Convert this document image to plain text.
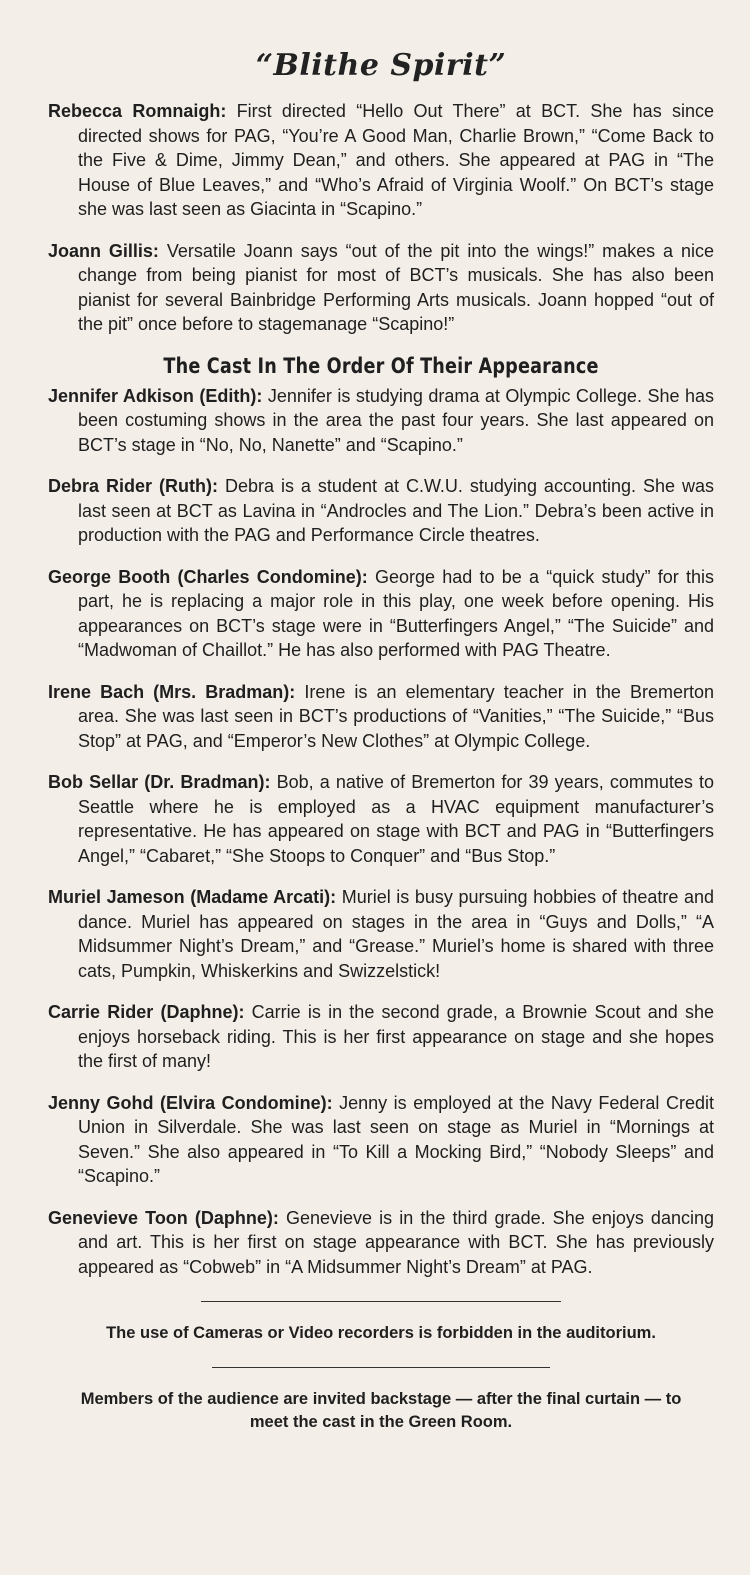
“Blithe Spirit”

Rebecca Romnaigh: First directed “Hello Out There” at BCT. She has since directed shows for PAG, “You’re A Good Man, Charlie Brown,” “Come Back to the Five & Dime, Jimmy Dean,” and others. She appeared at PAG in “The House of Blue Leaves,” and “Who’s Afraid of Virginia Woolf.” On BCT’s stage she was last seen as Giacinta in “Scapino.”

Joann Gillis: Versatile Joann says “out of the pit into the wings!” makes a nice change from being pianist for most of BCT’s musicals. She has also been pianist for several Bainbridge Performing Arts musicals. Joann hopped “out of the pit” once before to stagemanage “Scapino!”

The Cast In The Order Of Their Appearance

Jennifer Adkison (Edith): Jennifer is studying drama at Olympic College. She has been costuming shows in the area the past four years. She last appeared on BCT’s stage in “No, No, Nanette” and “Scapino.”

Debra Rider (Ruth): Debra is a student at C.W.U. studying accounting. She was last seen at BCT as Lavina in “Androcles and The Lion.” Debra’s been active in production with the PAG and Performance Circle theatres.

George Booth (Charles Condomine): George had to be a “quick study” for this part, he is replacing a major role in this play, one week before opening. His appearances on BCT’s stage were in “Butterfingers Angel,” “The Suicide” and “Madwoman of Chaillot.” He has also performed with PAG Theatre.

Irene Bach (Mrs. Bradman): Irene is an elementary teacher in the Bremerton area. She was last seen in BCT’s productions of “Vanities,” “The Suicide,” “Bus Stop” at PAG, and “Emperor’s New Clothes” at Olympic College.

Bob Sellar (Dr. Bradman): Bob, a native of Bremerton for 39 years, commutes to Seattle where he is employed as a HVAC equipment manufacturer’s representative. He has appeared on stage with BCT and PAG in “Butterfingers Angel,” “Cabaret,” “She Stoops to Conquer” and “Bus Stop.”

Muriel Jameson (Madame Arcati): Muriel is busy pursuing hobbies of theatre and dance. Muriel has appeared on stages in the area in “Guys and Dolls,” “A Midsummer Night’s Dream,” and “Grease.” Muriel’s home is shared with three cats, Pumpkin, Whiskerkins and Swizzelstick!

Carrie Rider (Daphne): Carrie is in the second grade, a Brownie Scout and she enjoys horseback riding. This is her first appearance on stage and she hopes the first of many!

Jenny Gohd (Elvira Condomine): Jenny is employed at the Navy Federal Credit Union in Silverdale. She was last seen on stage as Muriel in “Mornings at Seven.” She also appeared in “To Kill a Mocking Bird,” “Nobody Sleeps” and “Scapino.”

Genevieve Toon (Daphne): Genevieve is in the third grade. She enjoys dancing and art. This is her first on stage appearance with BCT. She has previously appeared as “Cobweb” in “A Midsummer Night’s Dream” at PAG.

The use of Cameras or Video recorders is forbidden in the auditorium.

Members of the audience are invited backstage — after the final curtain — to meet the cast in the Green Room.
